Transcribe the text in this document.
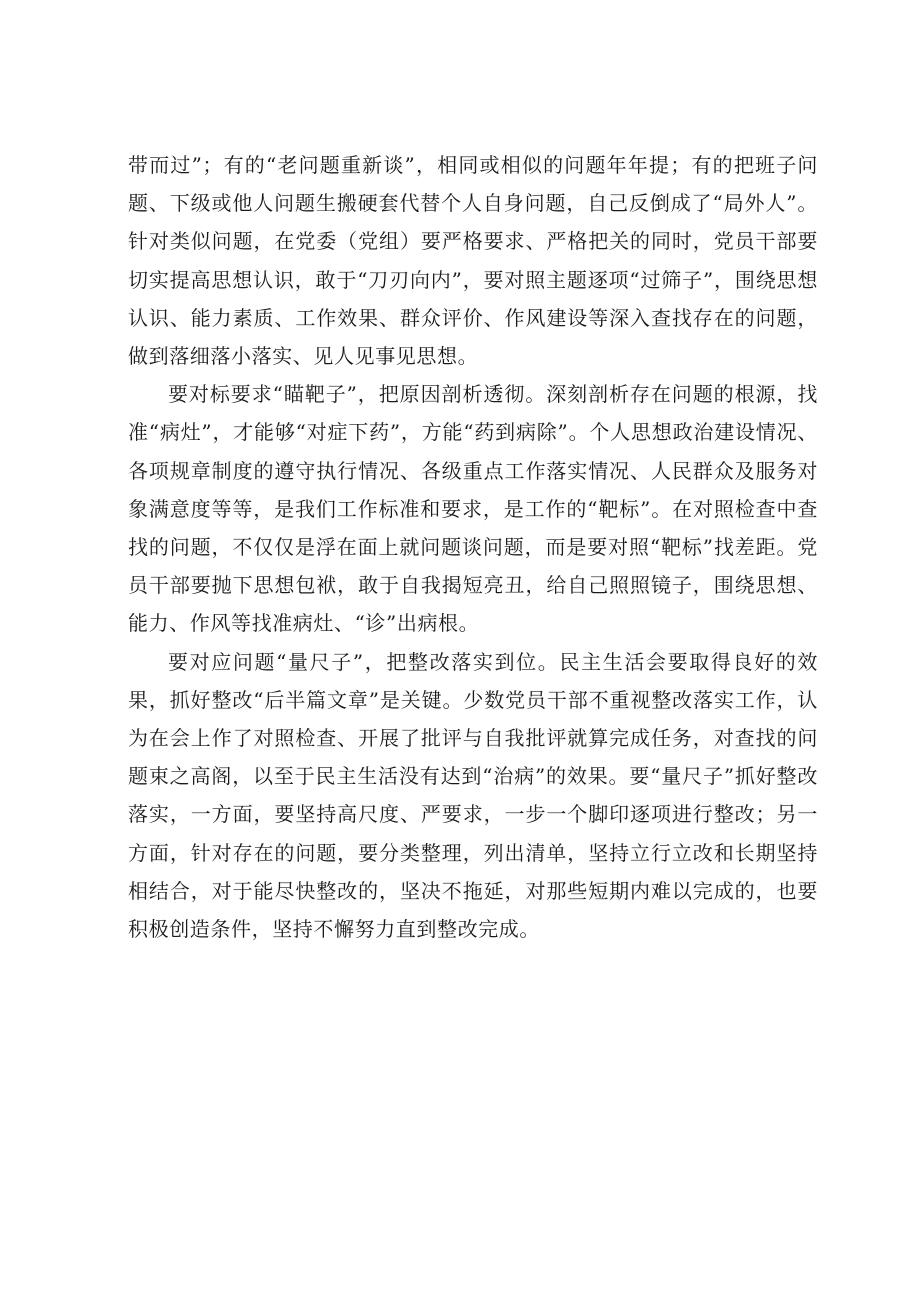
带而过”；有的“老问题重新谈”，相同或相似的问题年年提；有的把班子问题、下级或他人问题生搬硬套代替个人自身问题，自己反倒成了“局外人”。针对类似问题，在党委（党组）要严格要求、严格把关的同时，党员干部要切实提高思想认识，敢于“刀刃向内”，要对照主题逐项“过筛子”，围绕思想认识、能力素质、工作效果、群众评价、作风建设等深入查找存在的问题，做到落细落小落实、见人见事见思想。

要对标要求“瞄靶子”，把原因剖析透彻。深刻剖析存在问题的根源，找准“病灶”，才能够“对症下药”，方能“药到病除”。个人思想政治建设情况、各项规章制度的遵守执行情况、各级重点工作落实情况、人民群众及服务对象满意度等等，是我们工作标准和要求，是工作的“靶标”。在对照检查中查找的问题，不仅仅是浮在面上就问题谈问题，而是要对照“靶标”找差距。党员干部要抛下思想包袱，敢于自我揭短亮丑，给自己照照镜子，围绕思想、能力、作风等找准病灶、“诊”出病根。

要对应问题“量尺子”，把整改落实到位。民主生活会要取得良好的效果，抓好整改“后半篇文章”是关键。少数党员干部不重视整改落实工作，认为在会上作了对照检查、开展了批评与自我批评就算完成任务，对查找的问题束之高阁，以至于民主生活没有达到“治病”的效果。要“量尺子”抓好整改落实，一方面，要坚持高尺度、严要求，一步一个脚印逐项进行整改；另一方面，针对存在的问题，要分类整理，列出清单，坚持立行立改和长期坚持相结合，对于能尽快整改的，坚决不拖延，对那些短期内难以完成的，也要积极创造条件，坚持不懈努力直到整改完成。
